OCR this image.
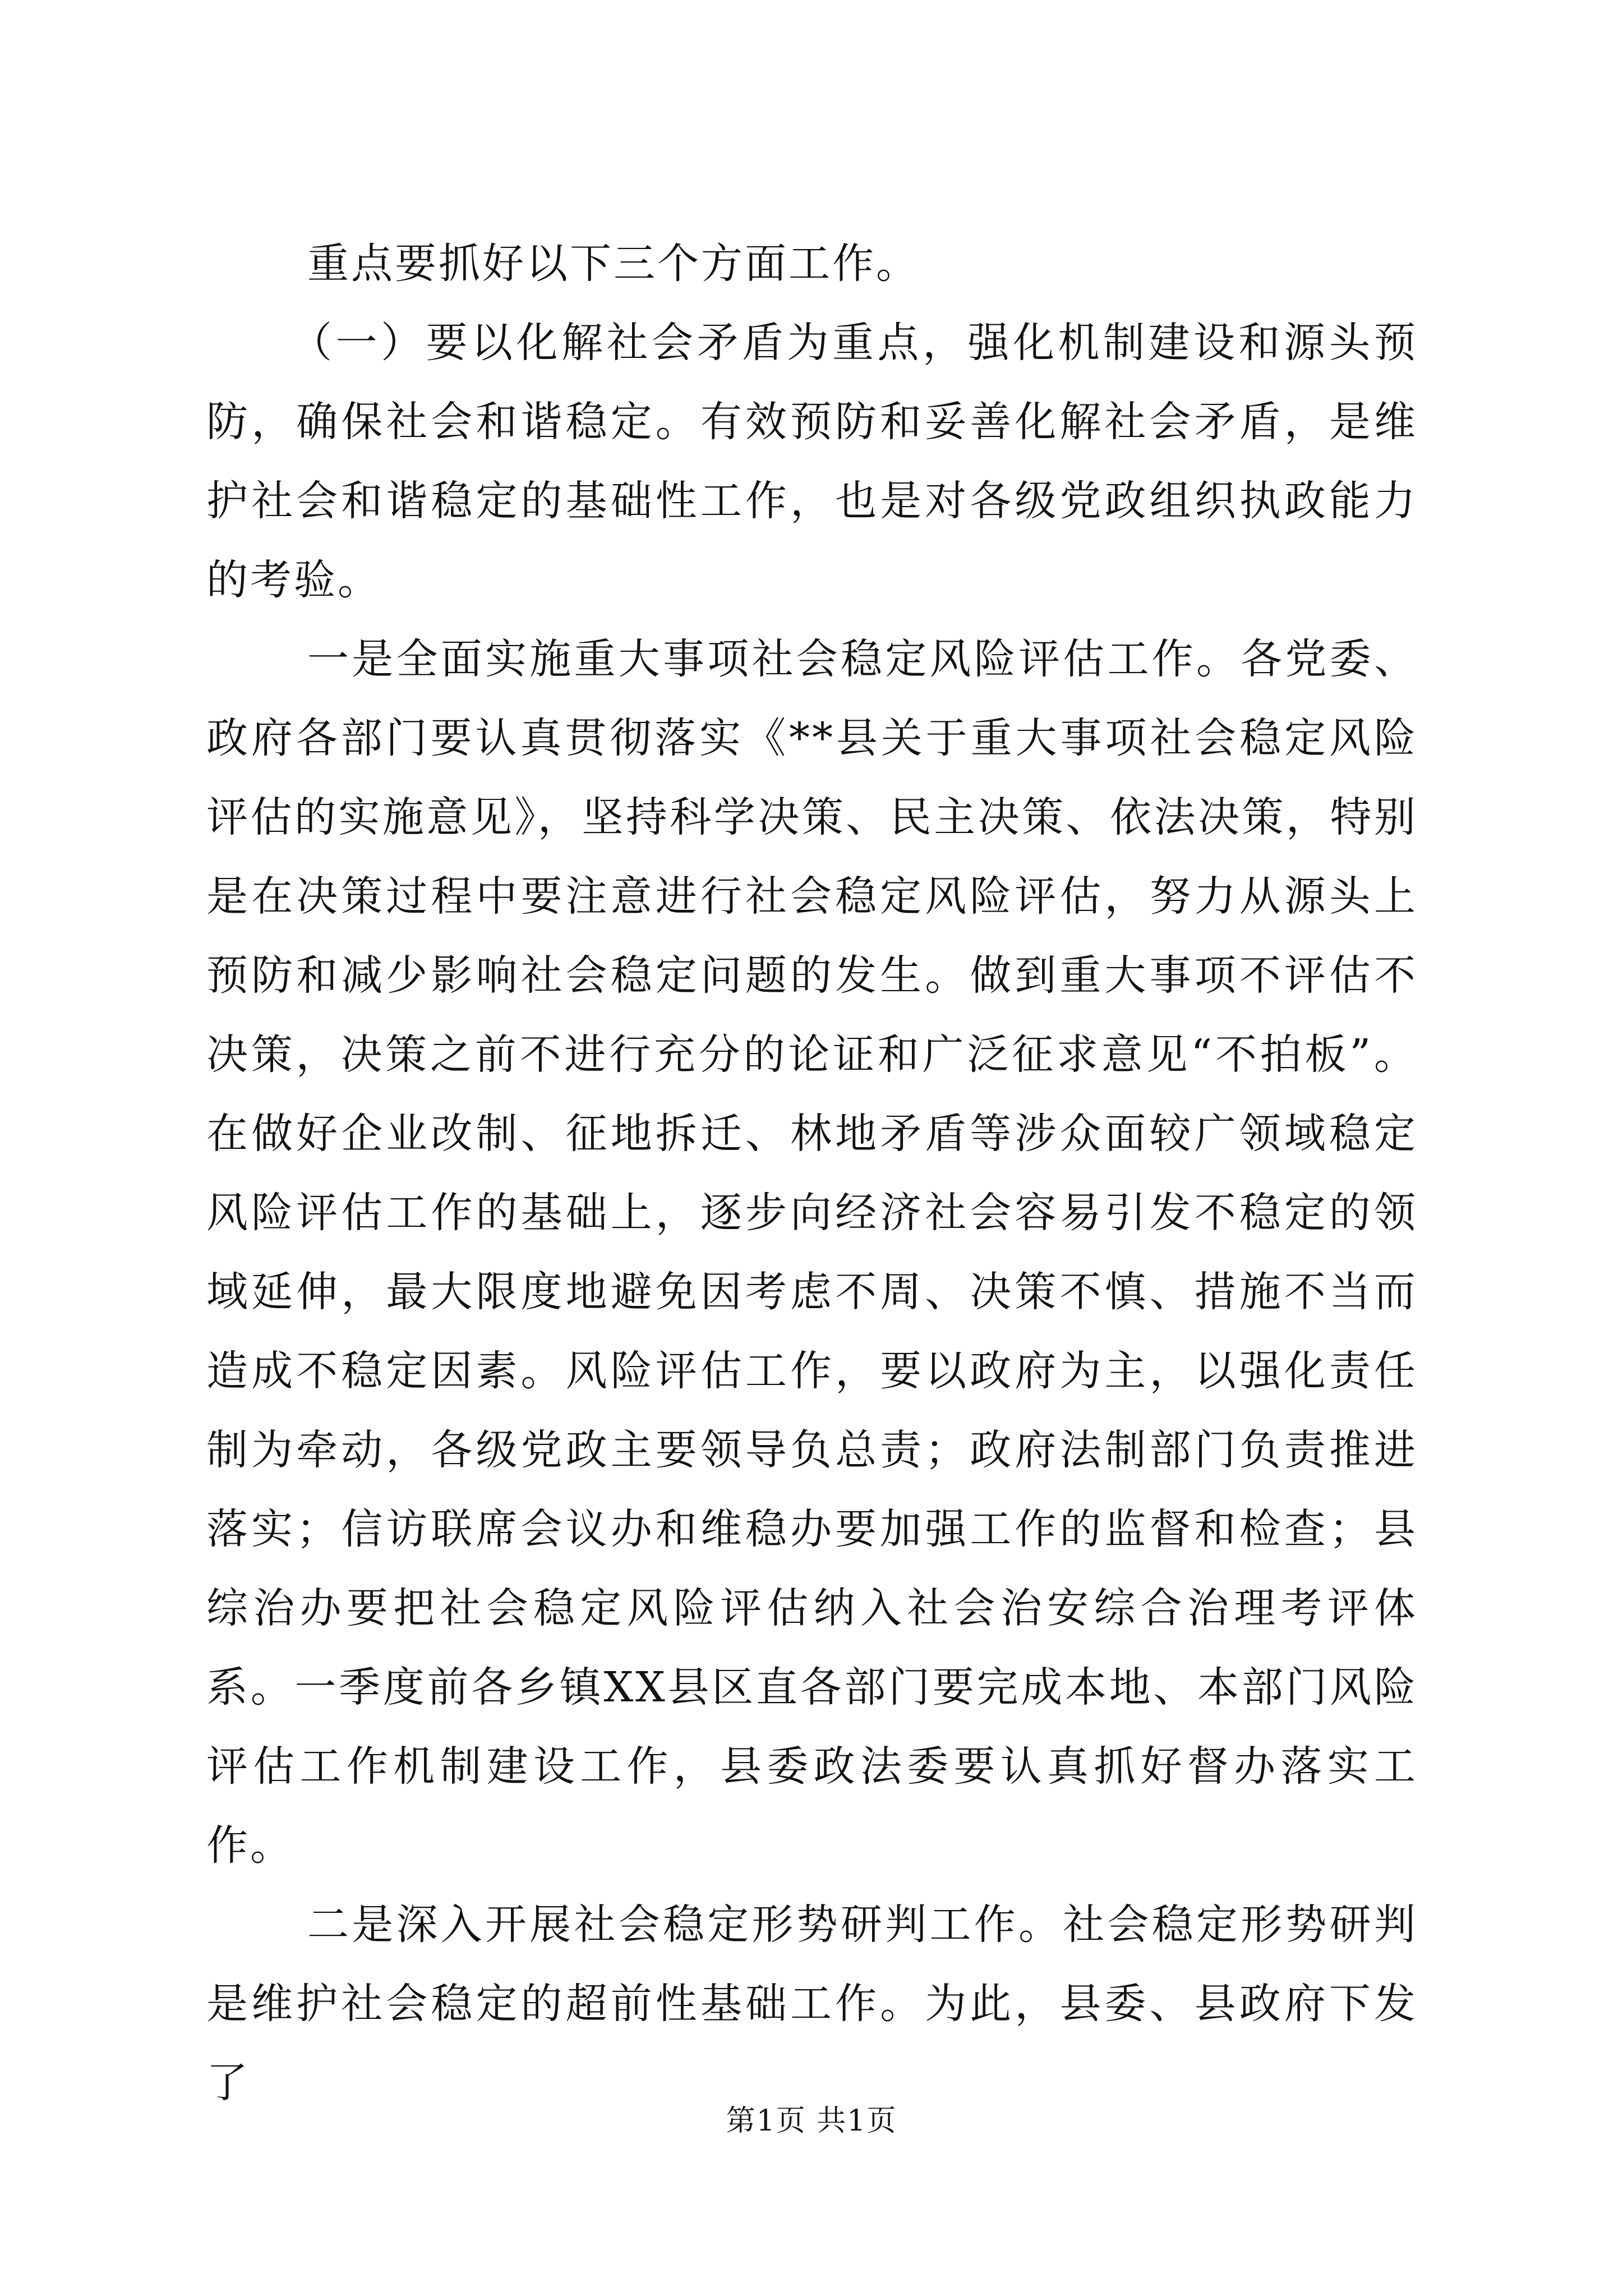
重点要抓好以下三个方面工作。

（一）要以化解社会矛盾为重点，强化机制建设和源头预防，确保社会和谐稳定。有效预防和妥善化解社会矛盾，是维护社会和谐稳定的基础性工作，也是对各级党政组织执政能力的考验。

一是全面实施重大事项社会稳定风险评估工作。各党委、政府各部门要认真贯彻落实《**县关于重大事项社会稳定风险评估的实施意见》，坚持科学决策、民主决策、依法决策，特别是在决策过程中要注意进行社会稳定风险评估，努力从源头上预防和减少影响社会稳定问题的发生。做到重大事项不评估不决策，决策之前不进行充分的论证和广泛征求意见“不拍板”。在做好企业改制、征地拆迁、林地矛盾等涉众面较广领域稳定风险评估工作的基础上，逐步向经济社会容易引发不稳定的领域延伸，最大限度地避免因考虑不周、决策不慎、措施不当而造成不稳定因素。风险评估工作，要以政府为主，以强化责任制为牵动，各级党政主要领导负总责；政府法制部门负责推进落实；信访联席会议办和维稳办要加强工作的监督和检查；县综治办要把社会稳定风险评估纳入社会治安综合治理考评体系。一季度前各乡镇XX县区直各部门要完成本地、本部门风险评估工作机制建设工作，县委政法委要认真抓好督办落实工作。

二是深入开展社会稳定形势研判工作。社会稳定形势研判是维护社会稳定的超前性基础工作。为此，县委、县政府下发了

第1页 共1页
